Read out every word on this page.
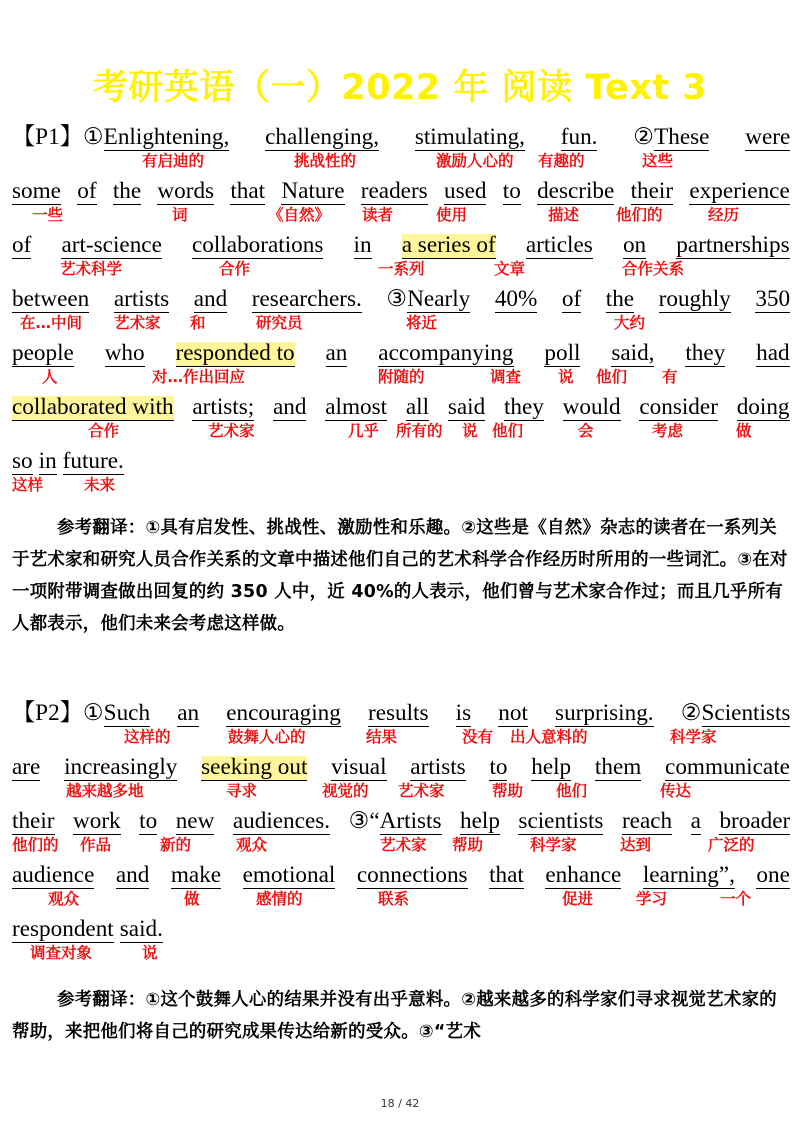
考研英语（一）2022 年 阅读 Text 3
【P1】①Enlightening, challenging, stimulating, fun. ②These were
有启迪的	挑战性的	激励人心的 有趣的	这些
some of the words that Nature readers used to describe their experience
一些	词	《自然》 读者	使用	描述 他们的	经历
of art-science collaborations in a series of articles on partnerships
艺术科学	合作	一系列	文章	合作关系
between artists and researchers. ③Nearly 40% of the roughly 350
在…中间 艺术家 和	研究员	将近	大约
people who responded to an accompanying poll said, they had
人	对…作出回应	附随的	调查 说 他们 有
collaborated with artists; and almost all said they would consider doing
合作	艺术家	几乎 所有的 说 他们	会	考虑	做
so in future.
这样	未来

参考翻译：①具有启发性、挑战性、激励性和乐趣。②这些是《自然》杂志的读者在一系列关于艺术家和研究人员合作关系的文章中描述他们自己的艺术科学合作经历时所用的一些词汇。③在对一项附带调查做出回复的约 350 人中，近 40%的人表示，他们曾与艺术家合作过；而且几乎所有人都表示，他们未来会考虑这样做。

【P2】①Such an encouraging results is not surprising. ②Scientists
这样的	鼓舞人心的	结果	没有 出人意料的	科学家
are increasingly seeking out visual artists to help them communicate
越来越多地	寻求	视觉的 艺术家	帮助 他们	传达
their work to new audiences. ③“Artists help scientists reach a broader
他们的 作品	新的	观众	艺术家 帮助	科学家	达到	广泛的
audience and make emotional connections that enhance learning”, one
观众	做	感情的	联系	促进	学习	一个
respondent said.
调查对象	说

参考翻译：①这个鼓舞人心的结果并没有出乎意料。②越来越多的科学家们寻求视觉艺术家的帮助，来把他们将自己的研究成果传达给新的受众。③“艺术

18 / 42
